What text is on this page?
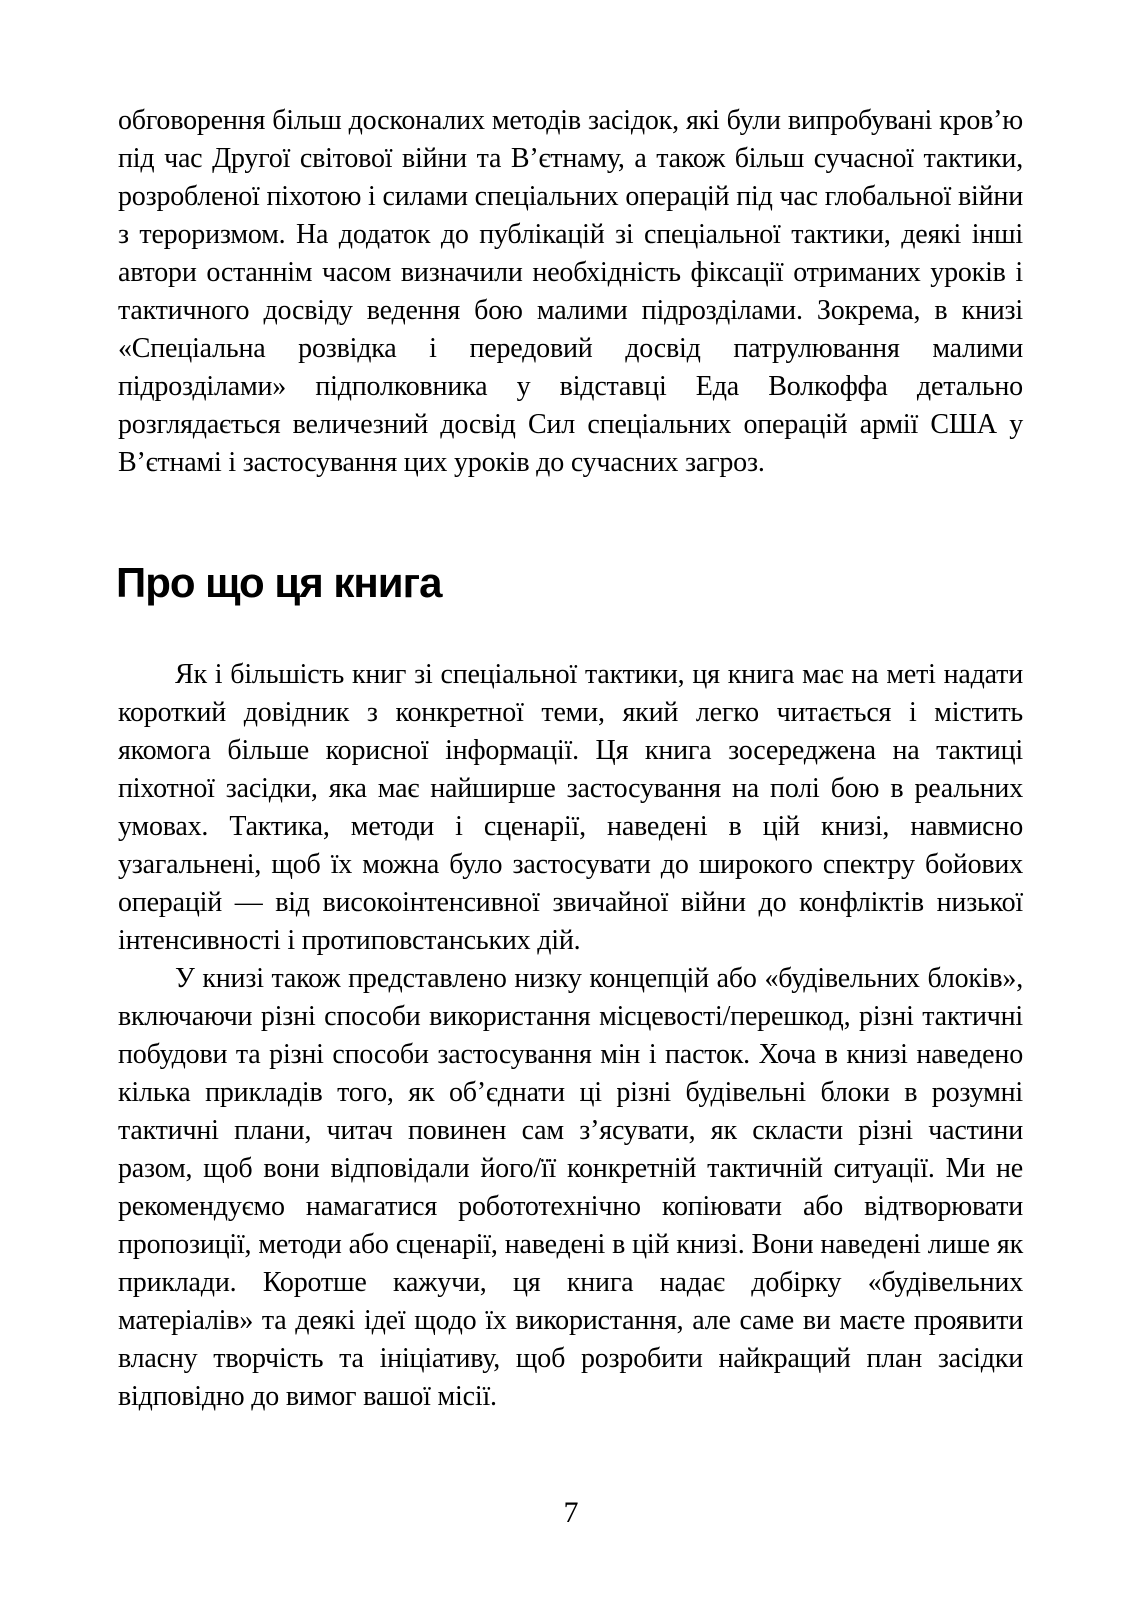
обговорення більш досконалих методів засідок, які були випробувані кров’ю під час Другої світової війни та В’єтнаму, а також більш сучасної тактики, розробленої піхотою і силами спеціальних операцій під час глобальної війни з тероризмом. На додаток до публікацій зі спеціальної тактики, деякі інші автори останнім часом визначили необхідність фіксації отриманих уроків і тактичного досвіду ведення бою малими підрозділами. Зокрема, в книзі «Спеціальна розвідка і передовий досвід патрулювання малими підрозділами» підполковника у відставці Еда Волкоффа детально розглядається величезний досвід Сил спеціальних операцій армії США у В’єтнамі і застосування цих уроків до сучасних загроз.

Про що ця книга

Як і більшість книг зі спеціальної тактики, ця книга має на меті надати короткий довідник з конкретної теми, який легко читається і містить якомога більше корисної інформації. Ця книга зосереджена на тактиці піхотної засідки, яка має найширше застосування на полі бою в реальних умовах. Тактика, методи і сценарії, наведені в цій книзі, навмисно узагальнені, щоб їх можна було застосувати до широкого спектру бойових операцій — від високоінтенсивної звичайної війни до конфліктів низької інтенсивності і протиповстанських дій.

У книзі також представлено низку концепцій або «будівельних блоків», включаючи різні способи використання місцевості/перешкод, різні тактичні побудови та різні способи застосування мін і пасток. Хоча в книзі наведено кілька прикладів того, як об’єднати ці різні будівельні блоки в розумні тактичні плани, читач повинен сам з’ясувати, як скласти різні частини разом, щоб вони відповідали його/її конкретній тактичній ситуації. Ми не рекомендуємо намагатися робототехнічно копіювати або відтворювати пропозиції, методи або сценарії, наведені в цій книзі. Вони наведені лише як приклади. Коротше кажучи, ця книга надає добірку «будівельних матеріалів» та деякі ідеї щодо їх використання, але саме ви маєте проявити власну творчість та ініціативу, щоб розробити найкращий план засідки відповідно до вимог вашої місії.

7
